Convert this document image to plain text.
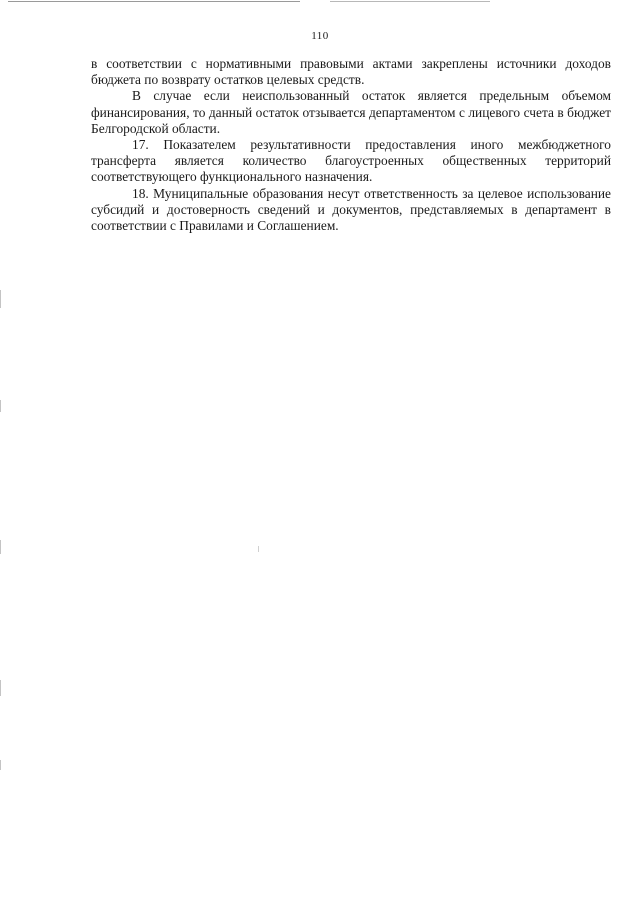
110

в соответствии с нормативными правовыми актами закреплены источники доходов бюджета по возврату остатков целевых средств.

В случае если неиспользованный остаток является предельным объемом финансирования, то данный остаток отзывается департаментом с лицевого счета в бюджет Белгородской области.

17. Показателем результативности предоставления иного межбюджетного трансферта является количество благоустроенных общественных территорий соответствующего функционального назначения.

18. Муниципальные образования несут ответственность за целевое использование субсидий и достоверность сведений и документов, представляемых в департамент в соответствии с Правилами и Соглашением.
